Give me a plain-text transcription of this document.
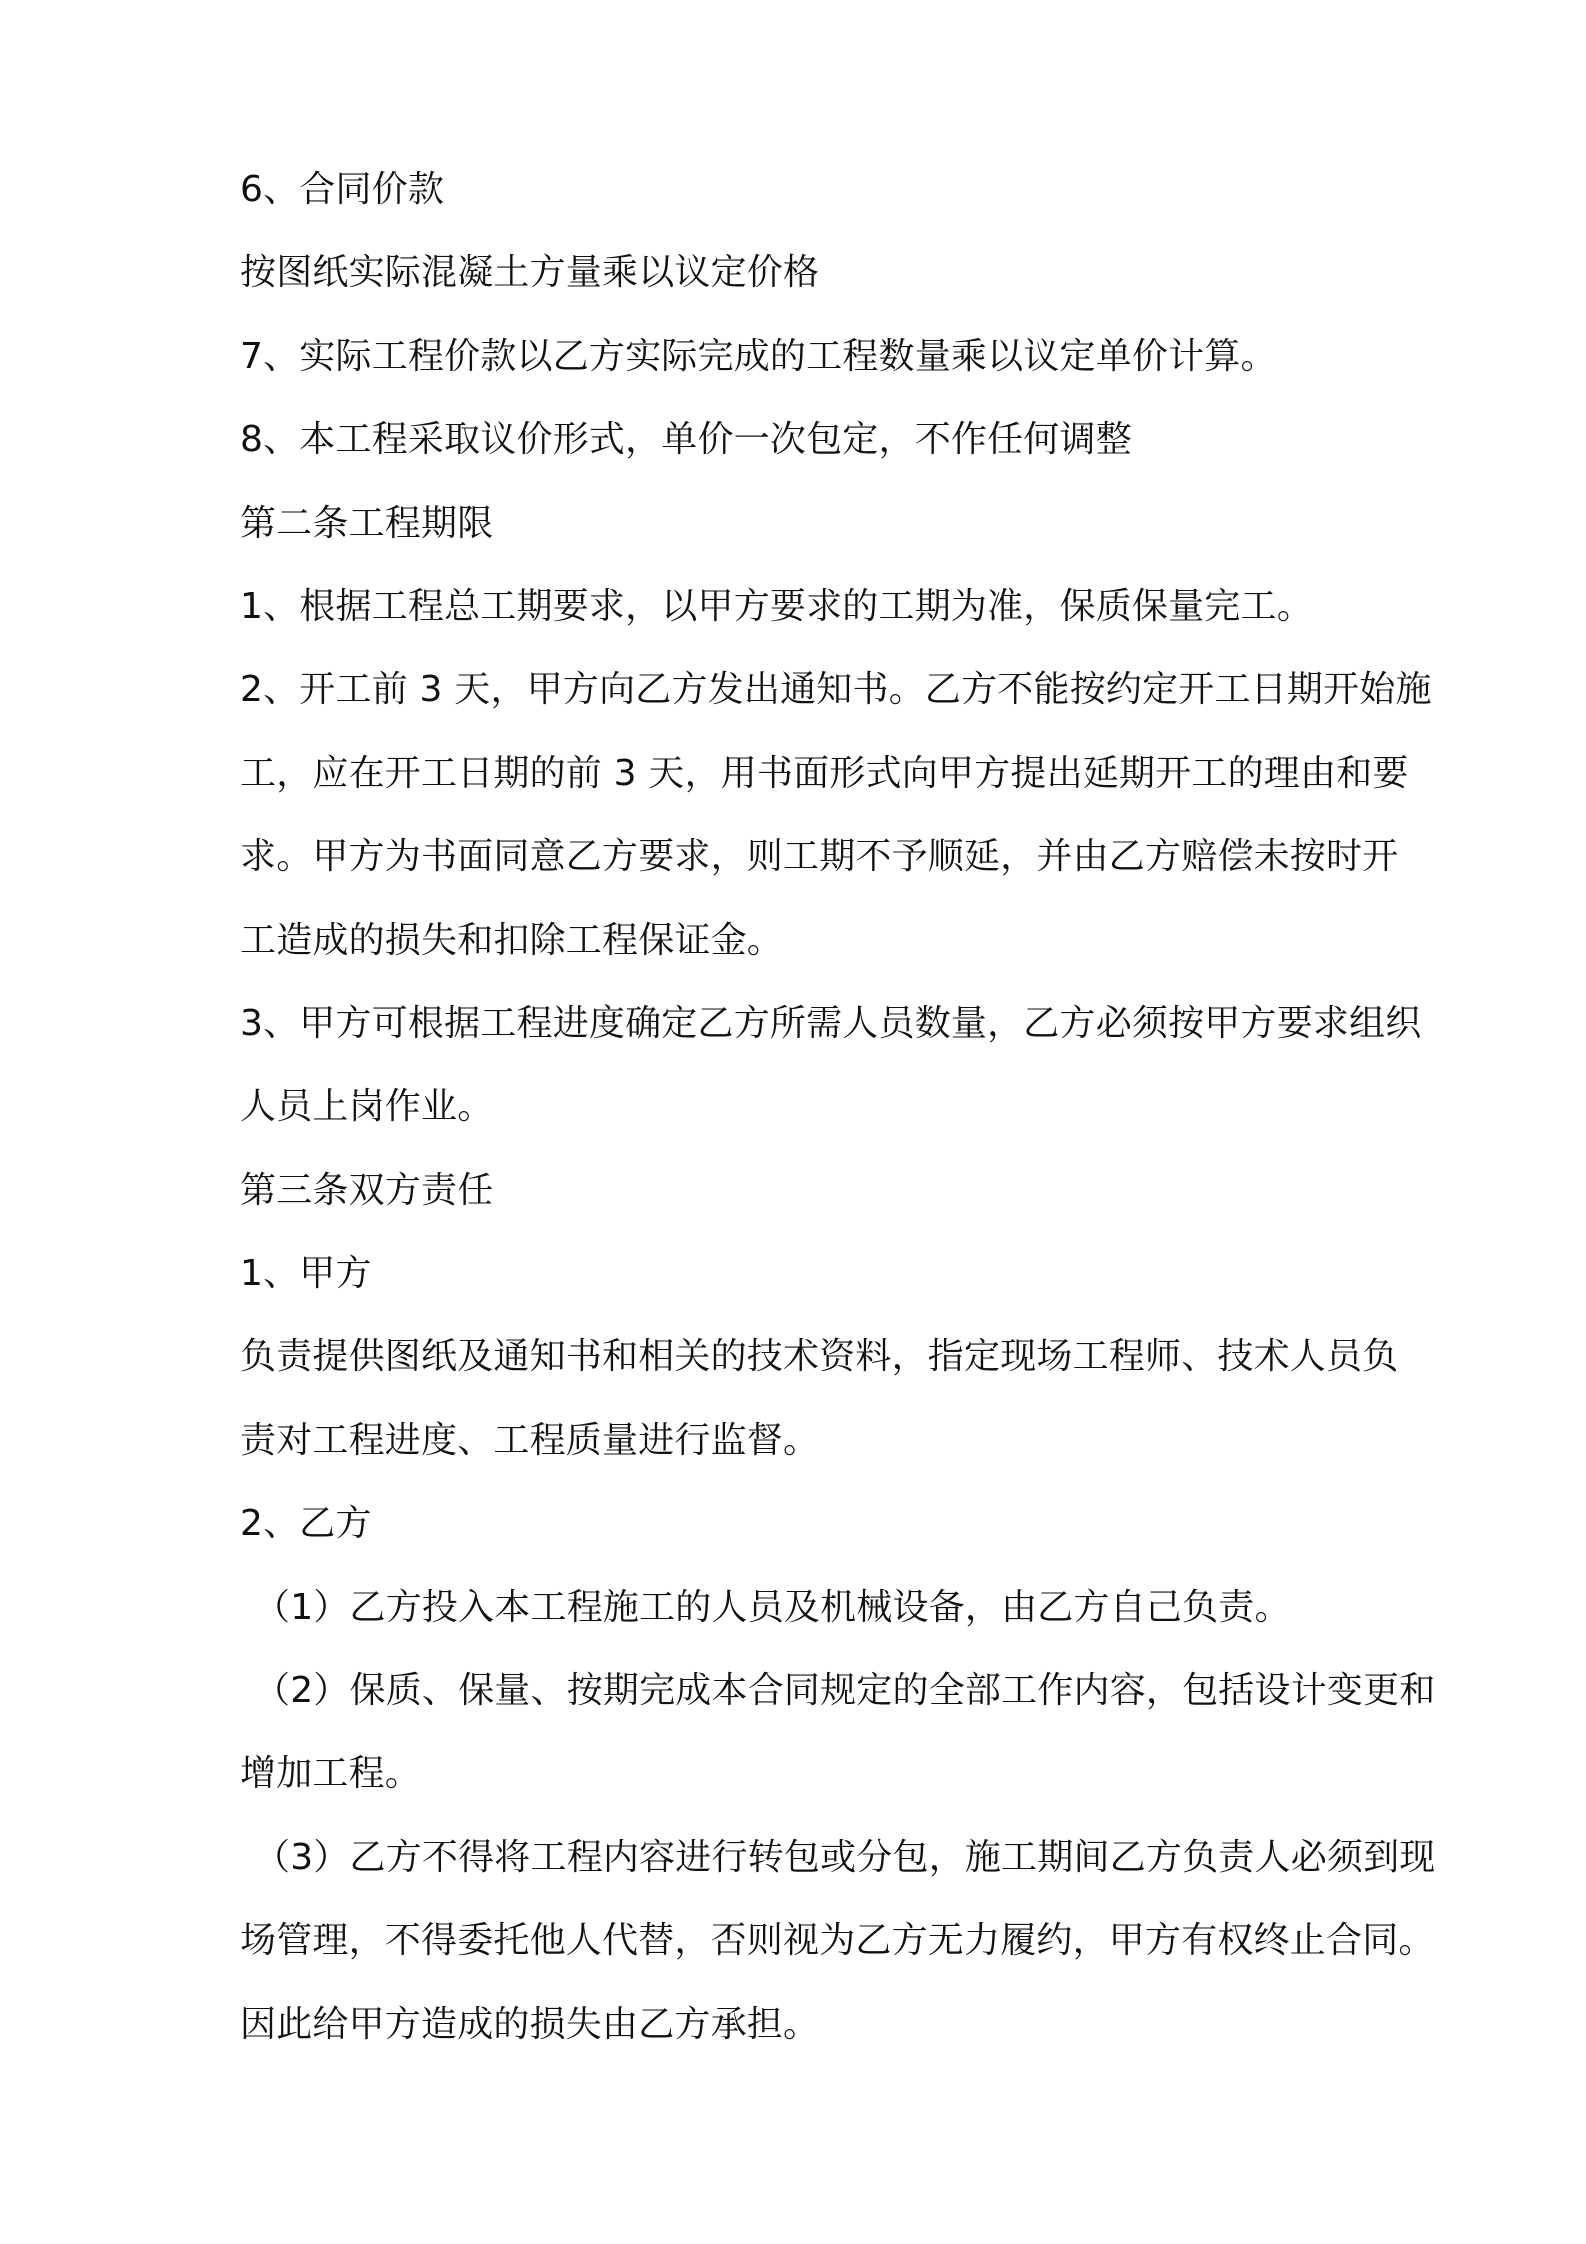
6、合同价款
按图纸实际混凝土方量乘以议定价格
7、实际工程价款以乙方实际完成的工程数量乘以议定单价计算。
8、本工程采取议价形式，单价一次包定，不作任何调整
第二条工程期限
1、根据工程总工期要求，以甲方要求的工期为准，保质保量完工。
2、开工前 3 天，甲方向乙方发出通知书。乙方不能按约定开工日期开始施
工，应在开工日期的前 3 天，用书面形式向甲方提出延期开工的理由和要
求。甲方为书面同意乙方要求，则工期不予顺延，并由乙方赔偿未按时开
工造成的损失和扣除工程保证金。
3、甲方可根据工程进度确定乙方所需人员数量，乙方必须按甲方要求组织
人员上岗作业。
第三条双方责任
1、甲方
负责提供图纸及通知书和相关的技术资料，指定现场工程师、技术人员负
责对工程进度、工程质量进行监督。
2、乙方
（1）乙方投入本工程施工的人员及机械设备，由乙方自己负责。
（2）保质、保量、按期完成本合同规定的全部工作内容，包括设计变更和
增加工程。
（3）乙方不得将工程内容进行转包或分包，施工期间乙方负责人必须到现
场管理，不得委托他人代替，否则视为乙方无力履约，甲方有权终止合同。
因此给甲方造成的损失由乙方承担。
